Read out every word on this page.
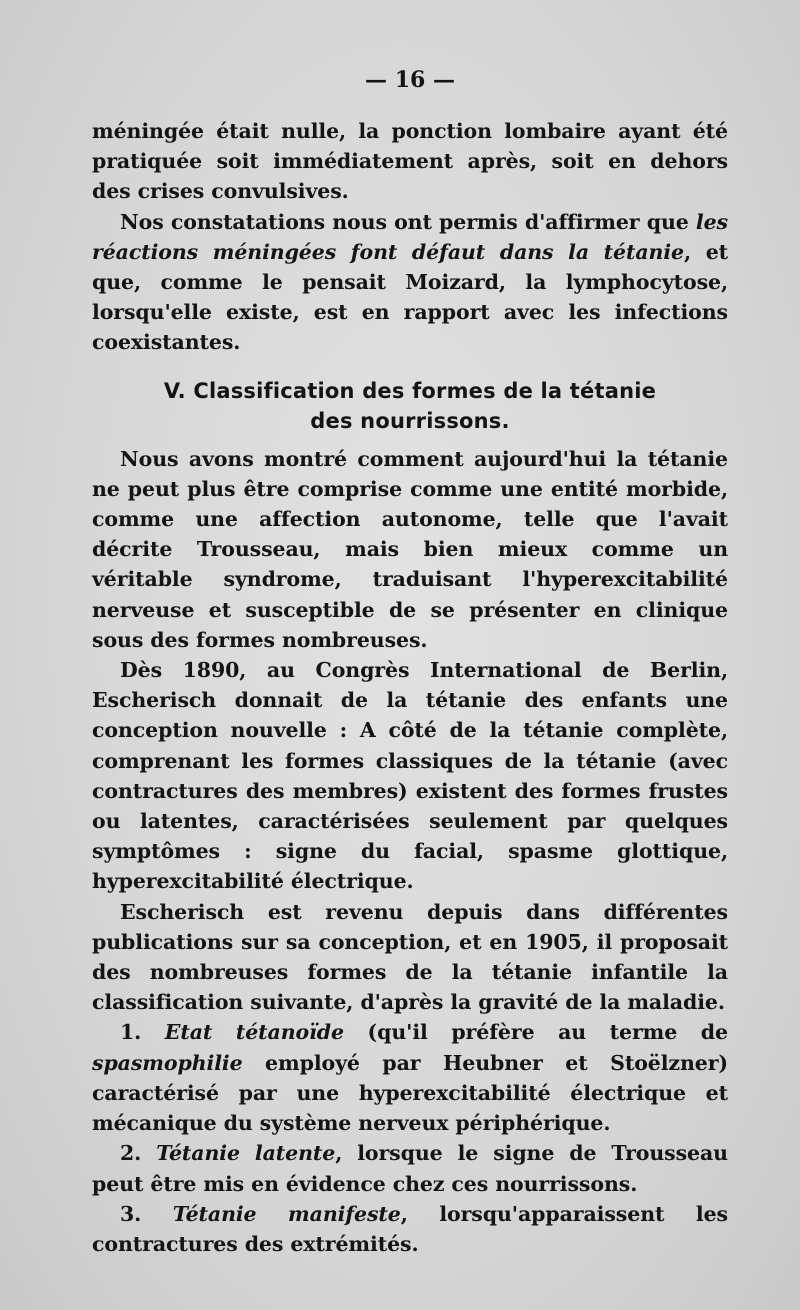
— 16 —

méningée était nulle, la ponction lombaire ayant été pratiquée soit immédiatement après, soit en dehors des crises convulsives.

Nos constatations nous ont permis d'affirmer que les réactions méningées font défaut dans la tétanie, et que, comme le pensait Moizard, la lymphocytose, lorsqu'elle existe, est en rapport avec les infections coexistantes.

V. Classification des formes de la tétanie
des nourrissons.

Nous avons montré comment aujourd'hui la tétanie ne peut plus être comprise comme une entité morbide, comme une affection autonome, telle que l'avait décrite Trousseau, mais bien mieux comme un véritable syndrome, traduisant l'hyperexcitabilité nerveuse et susceptible de se présenter en clinique sous des formes nombreuses.

Dès 1890, au Congrès International de Berlin, Escherisch donnait de la tétanie des enfants une conception nouvelle : A côté de la tétanie complète, comprenant les formes classiques de la tétanie (avec contractures des membres) existent des formes frustes ou latentes, caractérisées seulement par quelques symptômes : signe du facial, spasme glottique, hyperexcitabilité électrique.

Escherisch est revenu depuis dans différentes publications sur sa conception, et en 1905, il proposait des nombreuses formes de la tétanie infantile la classification suivante, d'après la gravité de la maladie.

1. Etat tétanoïde (qu'il préfère au terme de spasmophilie employé par Heubner et Stoëlzner) caractérisé par une hyperexcitabilité électrique et mécanique du système nerveux périphérique.

2. Tétanie latente, lorsque le signe de Trousseau peut être mis en évidence chez ces nourrissons.

3. Tétanie manifeste, lorsqu'apparaissent les contractures des extrémités.
